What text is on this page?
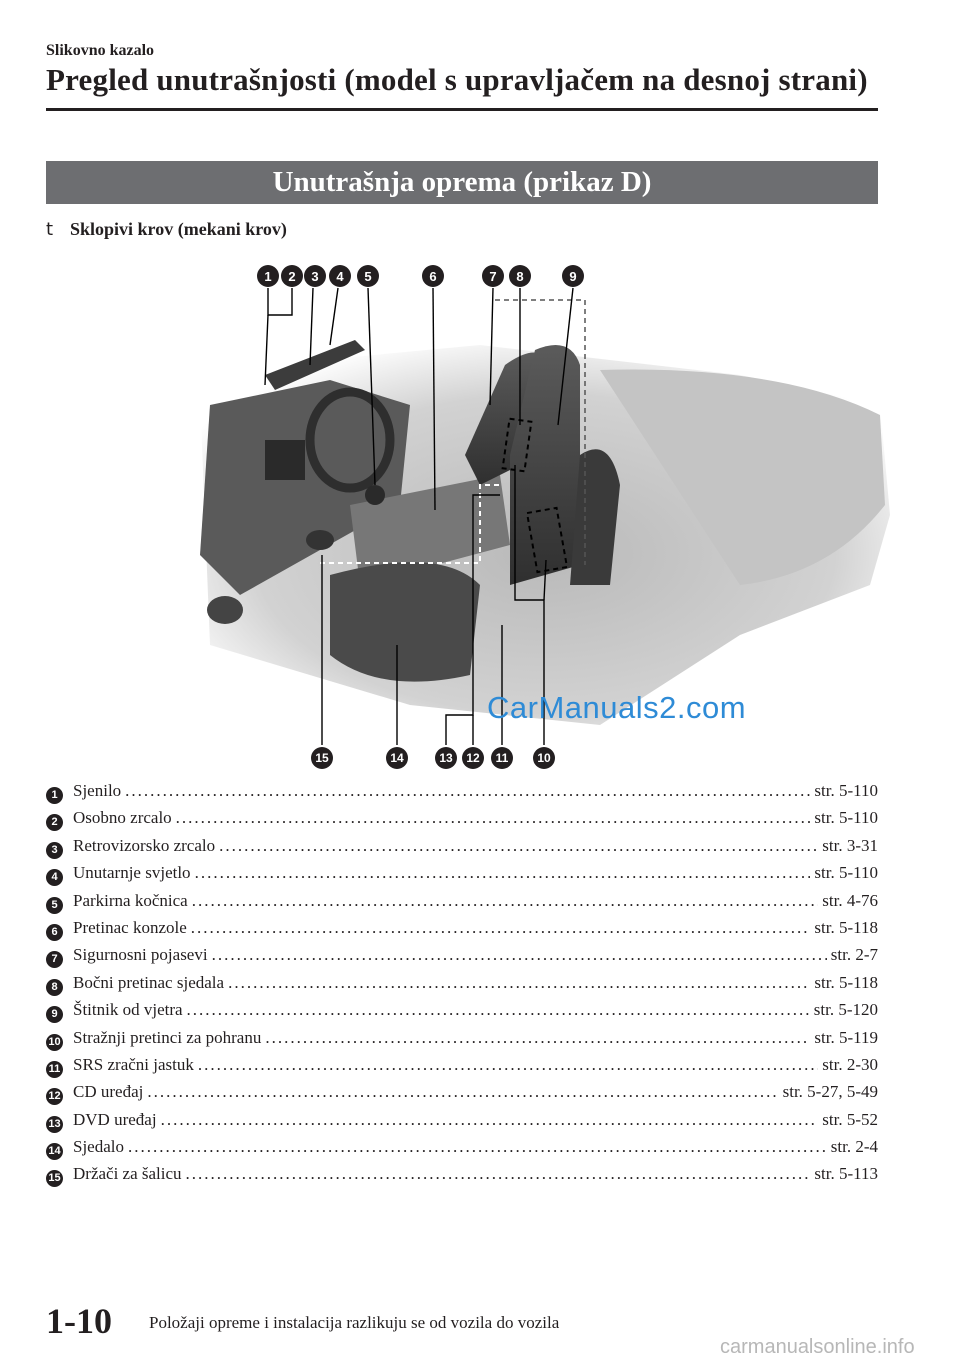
Slikovno kazalo
Pregled unutrašnjosti (model s upravljačem na desnoj strani)
Unutrašnja oprema (prikaz D)
t Sklopivi krov (mekani krov)
1 2 3 4 5	6	7 8	9
15	14	13 12 11 10
CarManuals2.com
1 Sjenilo .....	str. 5-110
2 Osobno zrcalo .....	str. 5-110
3 Retrovizorsko zrcalo .....	str. 3-31
4 Unutarnje svjetlo .....	str. 5-110
5 Parkirna kočnica .....	str. 4-76
6 Pretinac konzole .....	str. 5-118
7 Sigurnosni pojasevi .....	str. 2-7
8 Bočni pretinac sjedala .....	str. 5-118
9 Štitnik od vjetra .....	str. 5-120
10 Stražnji pretinci za pohranu .....	str. 5-119
11 SRS zračni jastuk .....	str. 2-30
12 CD uređaj .....	str. 5-27, 5-49
13 DVD uređaj .....	str. 5-52
14 Sjedalo .....	str. 2-4
15 Držači za šalicu .....	str. 5-113
1-10 Položaji opreme i instalacija razlikuju se od vozila do vozila
carmanualsonline.info
